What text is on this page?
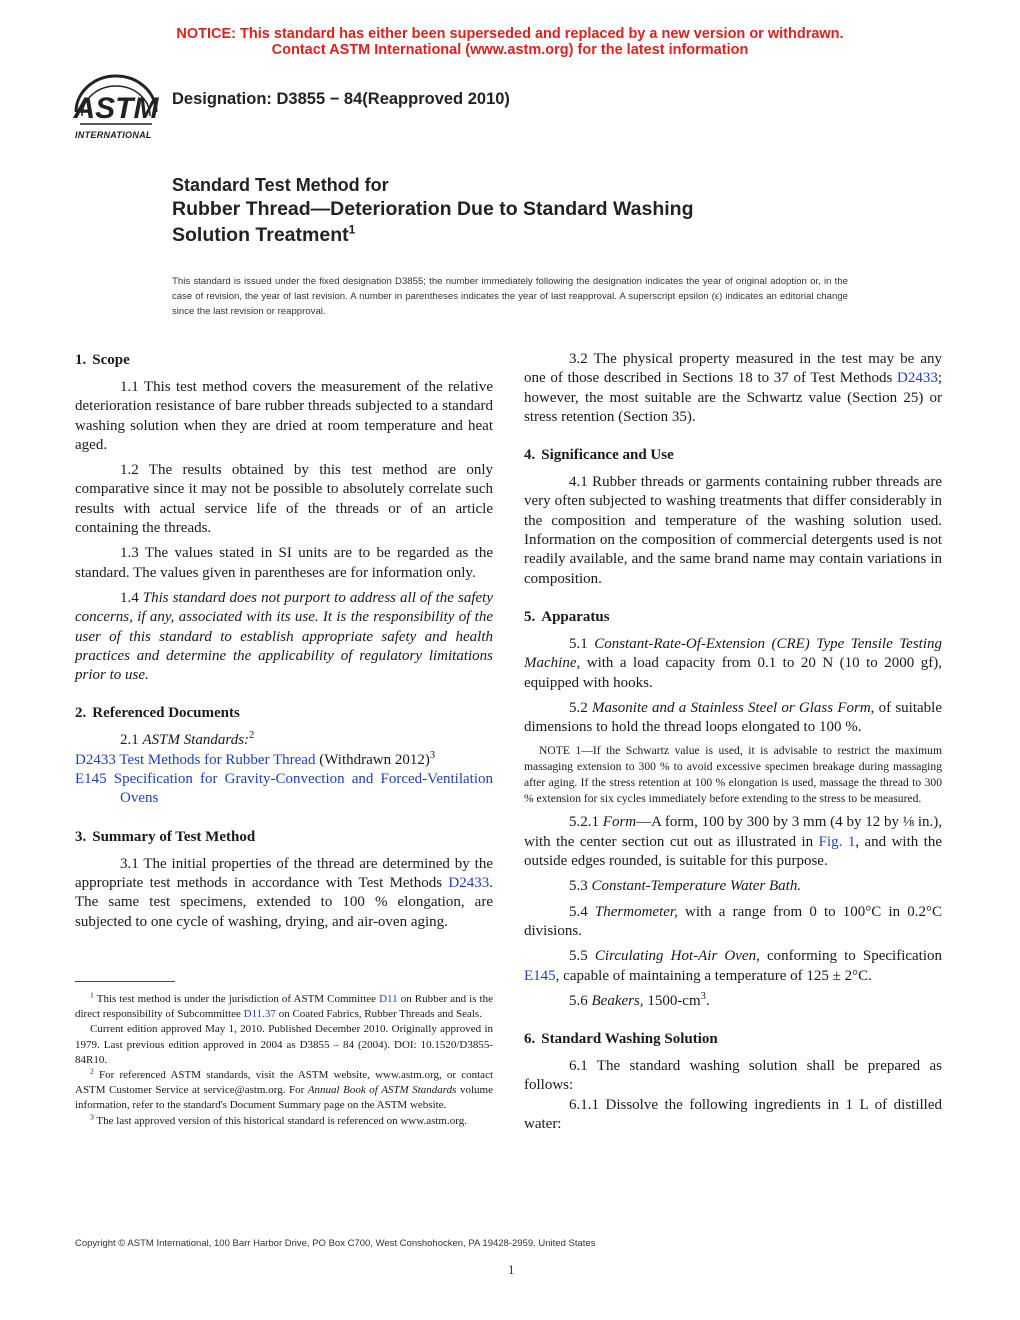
NOTICE: This standard has either been superseded and replaced by a new version or withdrawn.
Contact ASTM International (www.astm.org) for the latest information
ASTM
INTERNATIONAL
Designation: D3855 − 84(Reapproved 2010)
Standard Test Method for
Rubber Thread—Deterioration Due to Standard Washing
Solution Treatment$^1$
This standard is issued under the fixed designation D3855; the number immediately following the designation indicates the year of original adoption or, in the case of revision, the year of last revision. A number in parentheses indicates the year of last reapproval. A superscript epsilon (ε) indicates an editorial change since the last revision or reapproval.
1. Scope

1.1 This test method covers the measurement of the relative deterioration resistance of bare rubber threads subjected to a standard washing solution when they are dried at room temperature and heat aged.

1.2 The results obtained by this test method are only comparative since it may not be possible to absolutely correlate such results with actual service life of the threads or of an article containing the threads.

1.3 The values stated in SI units are to be regarded as the standard. The values given in parentheses are for information only.

1.4 This standard does not purport to address all of the safety concerns, if any, associated with its use. It is the responsibility of the user of this standard to establish appropriate safety and health practices and determine the applicability of regulatory limitations prior to use.

2. Referenced Documents

2.1 ASTM Standards:$^2$

D2433 Test Methods for Rubber Thread (Withdrawn 2012)$^3$

E145 Specification for Gravity-Convection and Forced-Ventilation Ovens

3. Summary of Test Method

3.1 The initial properties of the thread are determined by the appropriate test methods in accordance with Test Methods D2433. The same test specimens, extended to 100 % elongation, are subjected to one cycle of washing, drying, and air-oven aging.

$^1$ This test method is under the jurisdiction of ASTM Committee D11 on Rubber and is the direct responsibility of Subcommittee D11.37 on Coated Fabrics, Rubber Threads and Seals.

Current edition approved May 1, 2010. Published December 2010. Originally approved in 1979. Last previous edition approved in 2004 as D3855 – 84 (2004). DOI: 10.1520/D3855-84R10.

$^2$ For referenced ASTM standards, visit the ASTM website, www.astm.org, or contact ASTM Customer Service at service@astm.org. For Annual Book of ASTM Standards volume information, refer to the standard's Document Summary page on the ASTM website.

$^3$ The last approved version of this historical standard is referenced on www.astm.org.

3.2 The physical property measured in the test may be any one of those described in Sections 18 to 37 of Test Methods D2433; however, the most suitable are the Schwartz value (Section 25) or stress retention (Section 35).

4. Significance and Use

4.1 Rubber threads or garments containing rubber threads are very often subjected to washing treatments that differ considerably in the composition and temperature of the washing solution used. Information on the composition of commercial detergents used is not readily available, and the same brand name may contain variations in composition.

5. Apparatus

5.1 Constant-Rate-Of-Extension (CRE) Type Tensile Testing Machine, with a load capacity from 0.1 to 20 N (10 to 2000 gf), equipped with hooks.

5.2 Masonite and a Stainless Steel or Glass Form, of suitable dimensions to hold the thread loops elongated to 100 %.

NOTE 1—If the Schwartz value is used, it is advisable to restrict the maximum massaging extension to 300 % to avoid excessive specimen breakage during massaging after aging. If the stress retention at 100 % elongation is used, massage the thread to 300 % extension for six cycles immediately before extending to the stress to be measured.

5.2.1 Form—A form, 100 by 300 by 3 mm (4 by 12 by ⅛ in.), with the center section cut out as illustrated in Fig. 1, and with the outside edges rounded, is suitable for this purpose.

5.3 Constant-Temperature Water Bath.

5.4 Thermometer, with a range from 0 to 100°C in 0.2°C divisions.

5.5 Circulating Hot-Air Oven, conforming to Specification E145, capable of maintaining a temperature of 125 ± 2°C.

5.6 Beakers, $1500-cm^3$.

6. Standard Washing Solution

6.1 The standard washing solution shall be prepared as follows:

6.1.1 Dissolve the following ingredients in 1 L of distilled water:

Copyright © ASTM International, 100 Barr Harbor Drive, PO Box C700, West Conshohocken, PA 19428-2959. United States
1
